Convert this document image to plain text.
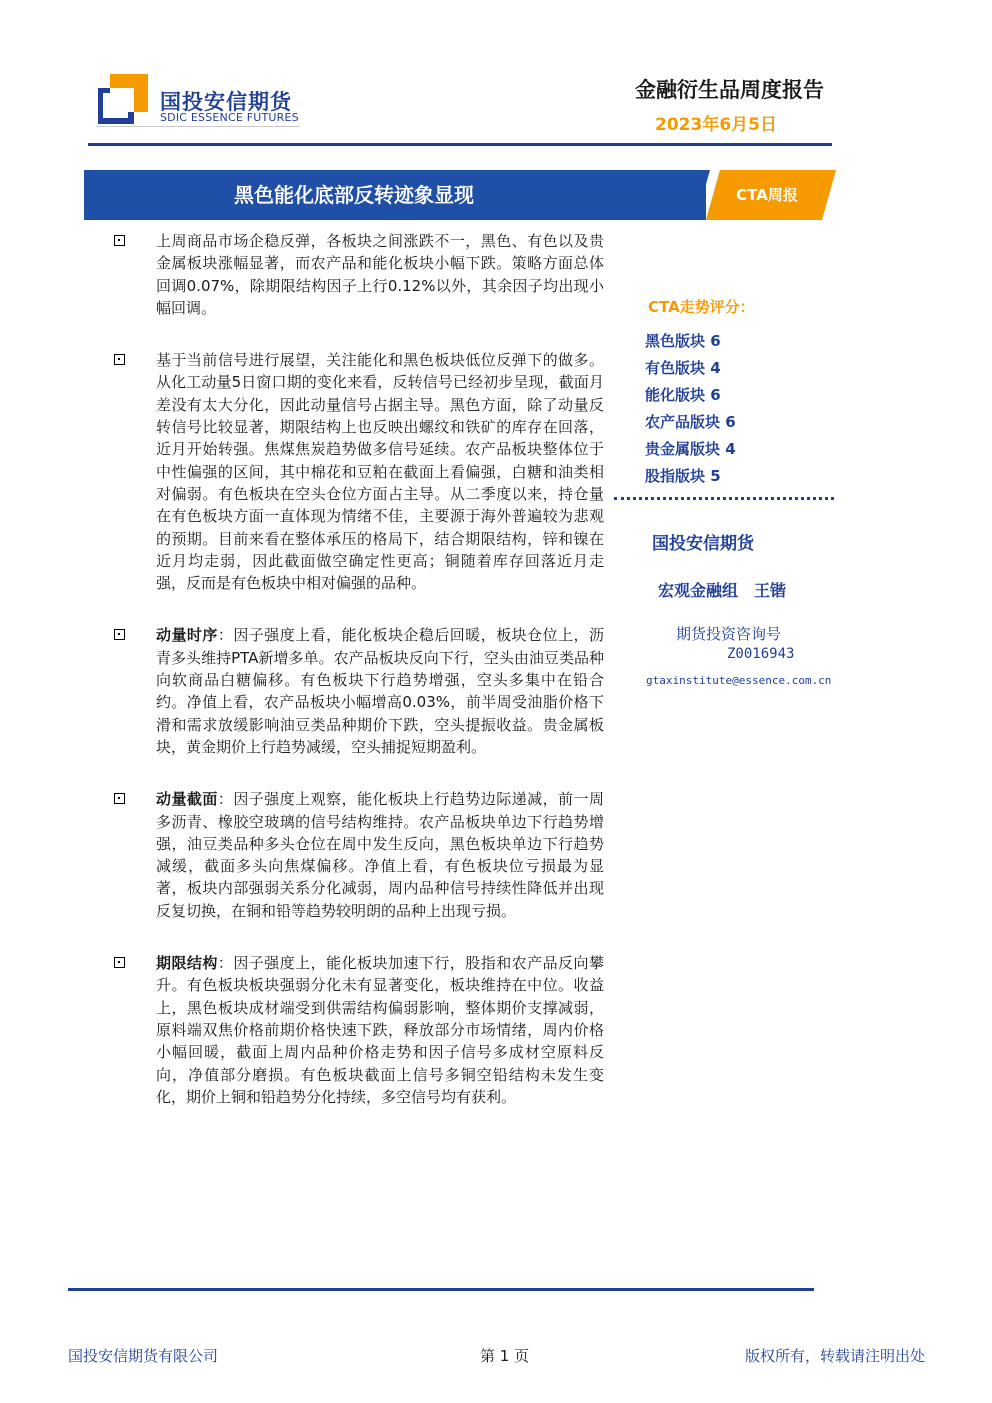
国投安信期货
SDIC ESSENCE FUTURES
金融衍生品周度报告
2023年6月5日
黑色能化底部反转迹象显现	CTA周报
上周商品市场企稳反弹，各板块之间涨跌不一，黑色、有色以及贵金属板块涨幅显著，而农产品和能化板块小幅下跌。策略方面总体回调0.07%，除期限结构因子上行0.12%以外，其余因子均出现小幅回调。
基于当前信号进行展望，关注能化和黑色板块低位反弹下的做多。从化工动量5日窗口期的变化来看，反转信号已经初步呈现，截面月差没有太大分化，因此动量信号占据主导。黑色方面，除了动量反转信号比较显著，期限结构上也反映出螺纹和铁矿的库存在回落，近月开始转强。焦煤焦炭趋势做多信号延续。农产品板块整体位于中性偏强的区间，其中棉花和豆粕在截面上看偏强，白糖和油类相对偏弱。有色板块在空头仓位方面占主导。从二季度以来，持仓量在有色板块方面一直体现为情绪不佳，主要源于海外普遍较为悲观的预期。目前来看在整体承压的格局下，结合期限结构，锌和镍在近月均走弱，因此截面做空确定性更高；铜随着库存回落近月走强，反而是有色板块中相对偏强的品种。
动量时序：因子强度上看，能化板块企稳后回暖，板块仓位上，沥青多头维持PTA新增多单。农产品板块反向下行，空头由油豆类品种向软商品白糖偏移。有色板块下行趋势增强，空头多集中在铅合约。净值上看，农产品板块小幅增高0.03%，前半周受油脂价格下滑和需求放缓影响油豆类品种期价下跌，空头提振收益。贵金属板块，黄金期价上行趋势减缓，空头捕捉短期盈利。
动量截面：因子强度上观察，能化板块上行趋势边际递减，前一周多沥青、橡胶空玻璃的信号结构维持。农产品板块单边下行趋势增强，油豆类品种多头仓位在周中发生反向，黑色板块单边下行趋势减缓，截面多头向焦煤偏移。净值上看，有色板块位亏损最为显著，板块内部强弱关系分化减弱，周内品种信号持续性降低并出现反复切换，在铜和铅等趋势较明朗的品种上出现亏损。
期限结构：因子强度上，能化板块加速下行，股指和农产品反向攀升。有色板块板块强弱分化未有显著变化，板块维持在中位。收益上，黑色板块成材端受到供需结构偏弱影响，整体期价支撑减弱，原料端双焦价格前期价格快速下跌，释放部分市场情绪，周内价格小幅回暖，截面上周内品种价格走势和因子信号多成材空原料反向，净值部分磨损。有色板块截面上信号多铜空铅结构未发生变化，期价上铜和铅趋势分化持续，多空信号均有获利。
CTA走势评分：
黑色版块 6
有色版块 4
能化版块 6
农产品版块 6
贵金属版块 4
股指版块 5
国投安信期货
宏观金融组　王锴
期货投资咨询号
Z0016943
gtaxinstitute@essence.com.cn
国投安信期货有限公司	第 1 页	版权所有，转载请注明出处
